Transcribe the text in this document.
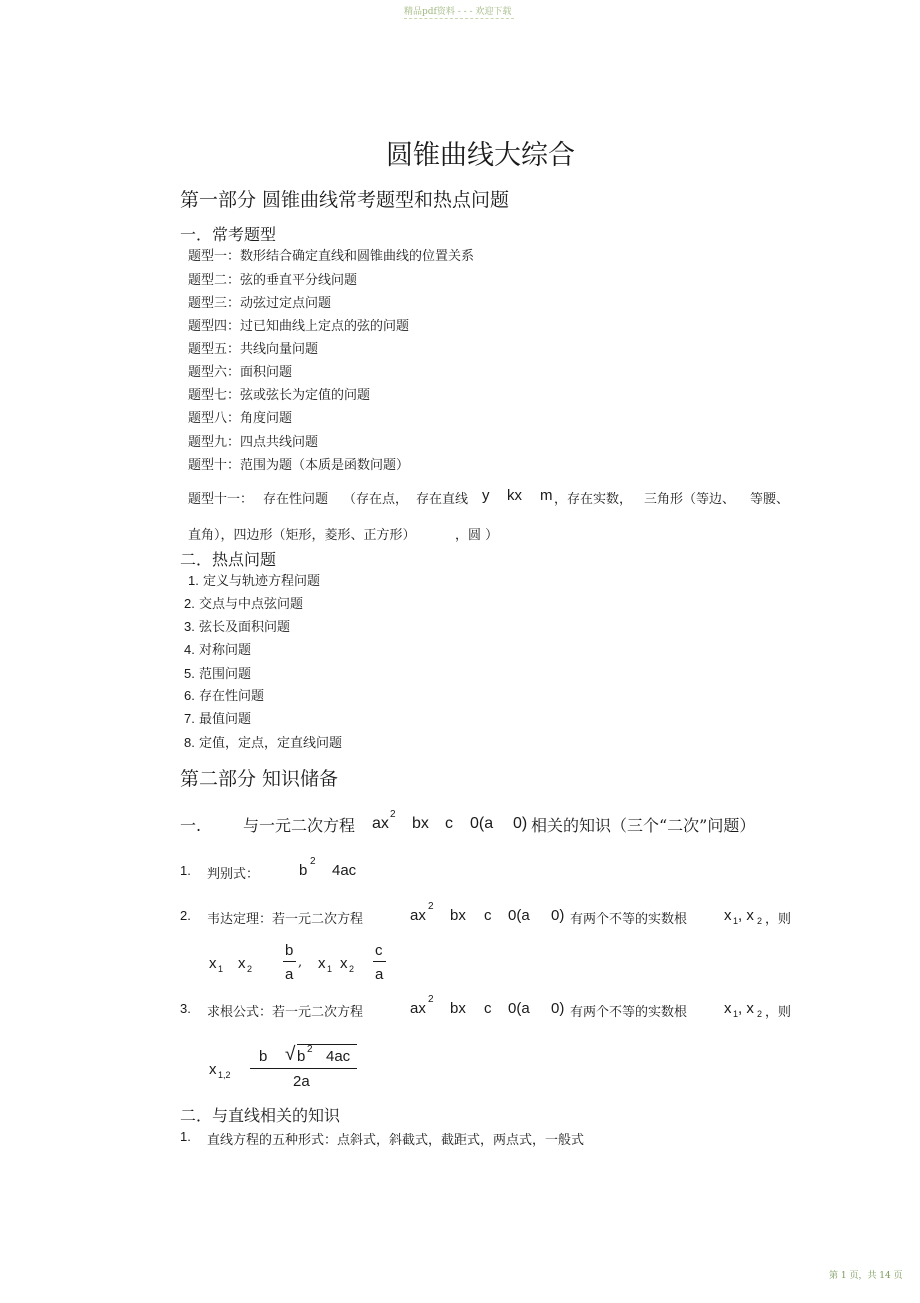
精品pdf资料 - - - 欢迎下载
圆锥曲线大综合
第一部分 圆锥曲线常考题型和热点问题
一．常考题型
题型一：数形结合确定直线和圆锥曲线的位置关系
题型二：弦的垂直平分线问题
题型三：动弦过定点问题
题型四：过已知曲线上定点的弦的问题
题型五：共线向量问题
题型六：面积问题
题型七：弦或弦长为定值的问题
题型八：角度问题
题型九：四点共线问题
题型十：范围为题（本质是函数问题）
题型十一： 存在性问题 （存在点， 存在直线 y kx m ，存在实数， 三角形（等边、 等腰、
直角），四边形（矩形，菱形、正方形）	，圆 ）
二．热点问题
1. 定义与轨迹方程问题
2. 交点与中点弦问题
3. 弦长及面积问题
4. 对称问题
5. 范围问题
6. 存在性问题
7. 最值问题
8. 定值，定点，定直线问题
第二部分 知识储备
一.	与一元二次方程 ax
2
bx c 0(a 0) 相关的知识（三个“二次”问题）
1. 判别式：	b
2
4ac
2. 韦达定理：若一元二次方程	ax
2
bx c 0(a 0) 有两个不等的实数根 x 1 , x 2 ，则
x 1 x 2
b
a
, x 1 x 2
c
a
3. 求根公式：若一元二次方程	ax
2
bx c 0(a 0) 有两个不等的实数根 x 1 , x 2 ，则
x 1,2
b √ b 2 4ac
2a
二．与直线相关的知识
1. 直线方程的五种形式：点斜式，斜截式，截距式，两点式，一般式
第 1 页，共 14 页
